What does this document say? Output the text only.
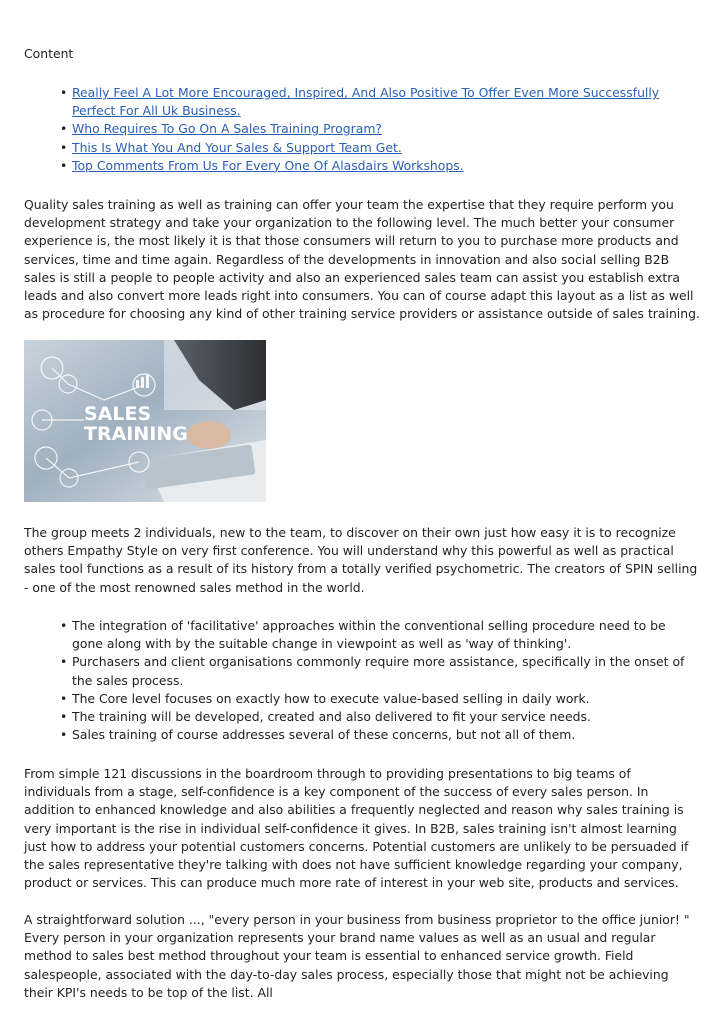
Content

• Really Feel A Lot More Encouraged, Inspired, And Also Positive To Offer Even More Successfully Perfect For All Uk Business.
• Who Requires To Go On A Sales Training Program?
• This Is What You And Your Sales & Support Team Get.
• Top Comments From Us For Every One Of Alasdairs Workshops.

Quality sales training as well as training can offer your team the expertise that they require perform you development strategy and take your organization to the following level. The much better your consumer experience is, the most likely it is that those consumers will return to you to purchase more products and services, time and time again. Regardless of the developments in innovation and also social selling B2B sales is still a people to people activity and also an experienced sales team can assist you establish extra leads and also convert more leads right into consumers. You can of course adapt this layout as a list as well as procedure for choosing any kind of other training service providers or assistance outside of sales training.

SALES
TRAINING

The group meets 2 individuals, new to the team, to discover on their own just how easy it is to recognize others Empathy Style on very first conference. You will understand why this powerful as well as practical sales tool functions as a result of its history from a totally verified psychometric. The creators of SPIN selling - one of the most renowned sales method in the world.

• The integration of 'facilitative' approaches within the conventional selling procedure need to be gone along with by the suitable change in viewpoint as well as 'way of thinking'.
• Purchasers and client organisations commonly require more assistance, specifically in the onset of the sales process.
• The Core level focuses on exactly how to execute value-based selling in daily work.
• The training will be developed, created and also delivered to fit your service needs.
• Sales training of course addresses several of these concerns, but not all of them.

From simple 121 discussions in the boardroom through to providing presentations to big teams of individuals from a stage, self-confidence is a key component of the success of every sales person. In addition to enhanced knowledge and also abilities a frequently neglected and reason why sales training is very important is the rise in individual self-confidence it gives. In B2B, sales training isn't almost learning just how to address your potential customers concerns. Potential customers are unlikely to be persuaded if the sales representative they're talking with does not have sufficient knowledge regarding your company, product or services. This can produce much more rate of interest in your web site, products and services.

A straightforward solution ..., "every person in your business from business proprietor to the office junior! " Every person in your organization represents your brand name values as well as an usual and regular method to sales best method throughout your team is essential to enhanced service growth. Field salespeople, associated with the day-to-day sales process, especially those that might not be achieving their KPI's needs to be top of the list. All
